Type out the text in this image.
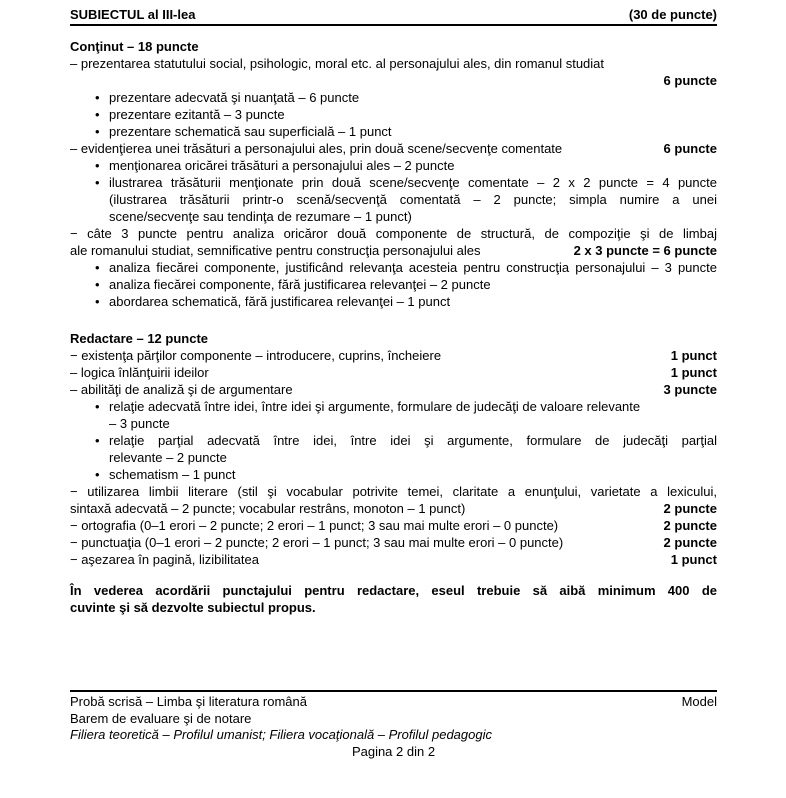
SUBIECTUL al III-lea	(30 de puncte)
Conţinut – 18 puncte
– prezentarea statutului social, psihologic, moral etc. al personajului ales, din romanul studiat
6 puncte
• prezentare adecvată şi nuanţată – 6 puncte
• prezentare ezitantă – 3 puncte
• prezentare schematică sau superficială – 1 punct
– evidenţierea unei trăsături a personajului ales, prin două scene/secvenţe comentate	6 puncte
• menţionarea oricărei trăsături a personajului ales – 2 puncte
• ilustrarea trăsăturii menţionate prin două scene/secvenţe comentate – 2 x 2 puncte = 4 puncte
(ilustrarea trăsăturii printr-o scenă/secvenţă comentată – 2 puncte; simpla numire a unei
scene/secvenţe sau tendinţa de rezumare – 1 punct)
− câte 3 puncte pentru analiza oricăror două componente de structură, de compoziţie şi de limbaj
ale romanului studiat, semnificative pentru construcţia personajului ales	2 x 3 puncte = 6 puncte
• analiza fiecărei componente, justificând relevanţa acesteia pentru construcţia personajului – 3 puncte
• analiza fiecărei componente, fără justificarea relevanţei – 2 puncte
• abordarea schematică, fără justificarea relevanţei – 1 punct
Redactare – 12 puncte
− existenţa părţilor componente – introducere, cuprins, încheiere	1 punct
– logica înlănţuirii ideilor	1 punct
– abilităţi de analiză şi de argumentare	3 puncte
• relaţie adecvată între idei, între idei şi argumente, formulare de judecăţi de valoare relevante
– 3 puncte
• relaţie parţial adecvată între idei, între idei şi argumente, formulare de judecăţi parţial
relevante – 2 puncte
• schematism – 1 punct
− utilizarea limbii literare (stil şi vocabular potrivite temei, claritate a enunţului, varietate a lexicului,
sintaxă adecvată – 2 puncte; vocabular restrâns, monoton – 1 punct)	2 puncte
− ortografia (0–1 erori – 2 puncte; 2 erori – 1 punct; 3 sau mai multe erori – 0 puncte)	2 puncte
− punctuaţia (0–1 erori – 2 puncte; 2 erori – 1 punct; 3 sau mai multe erori – 0 puncte)	2 puncte
− aşezarea în pagină, lizibilitatea	1 punct
În vederea acordării punctajului pentru redactare, eseul trebuie să aibă minimum 400 de
cuvinte şi să dezvolte subiectul propus.
Probă scrisă – Limba şi literatura română	Model
Barem de evaluare şi de notare
Filiera teoretică – Profilul umanist; Filiera vocaţională – Profilul pedagogic
Pagina 2 din 2
